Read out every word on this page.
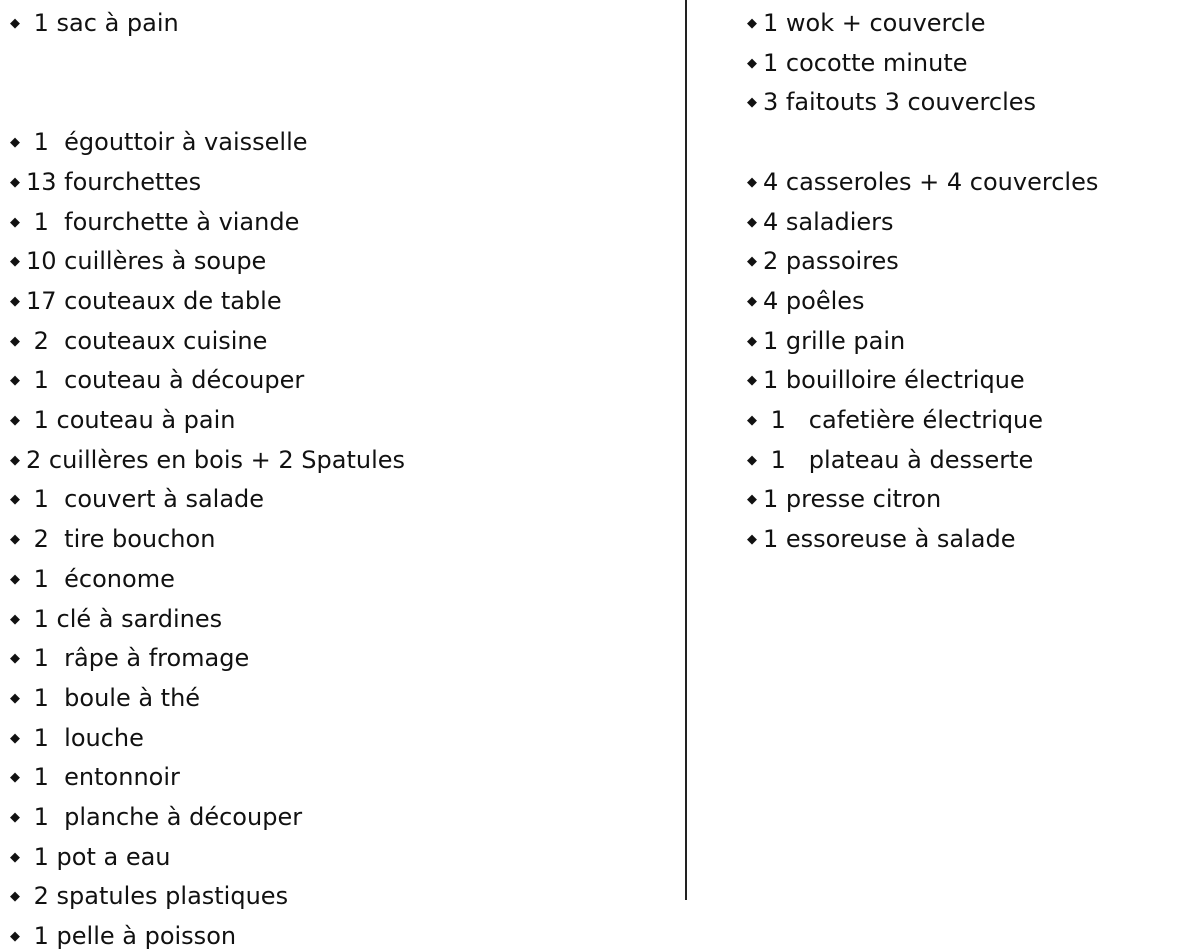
◆ 1 sac à pain
◆ 1  égouttoir à vaisselle
◆ 13 fourchettes
◆ 1  fourchette à viande
◆ 10 cuillères à soupe
◆ 17 couteaux de table
◆ 2  couteaux cuisine
◆ 1  couteau à découper
◆ 1 couteau à pain
◆ 2 cuillères en bois + 2 Spatules
◆ 1  couvert à salade
◆ 2  tire bouchon
◆ 1  économe
◆ 1 clé à sardines
◆ 1  râpe à fromage
◆ 1  boule à thé
◆ 1  louche
◆ 1  entonnoir
◆ 1  planche à découper
◆ 1 pot a eau
◆ 2 spatules plastiques
◆ 1 pelle à poisson
◆ 1 wok + couvercle
◆ 1 cocotte minute
◆ 3 faitouts 3 couvercles
◆ 4 casseroles + 4 couvercles
◆ 4 saladiers
◆ 2 passoires
◆ 4 poêles
◆ 1 grille pain
◆ 1 bouilloire électrique
◆ 1   cafetière électrique
◆ 1   plateau à desserte
◆ 1 presse citron
◆ 1 essoreuse à salade
